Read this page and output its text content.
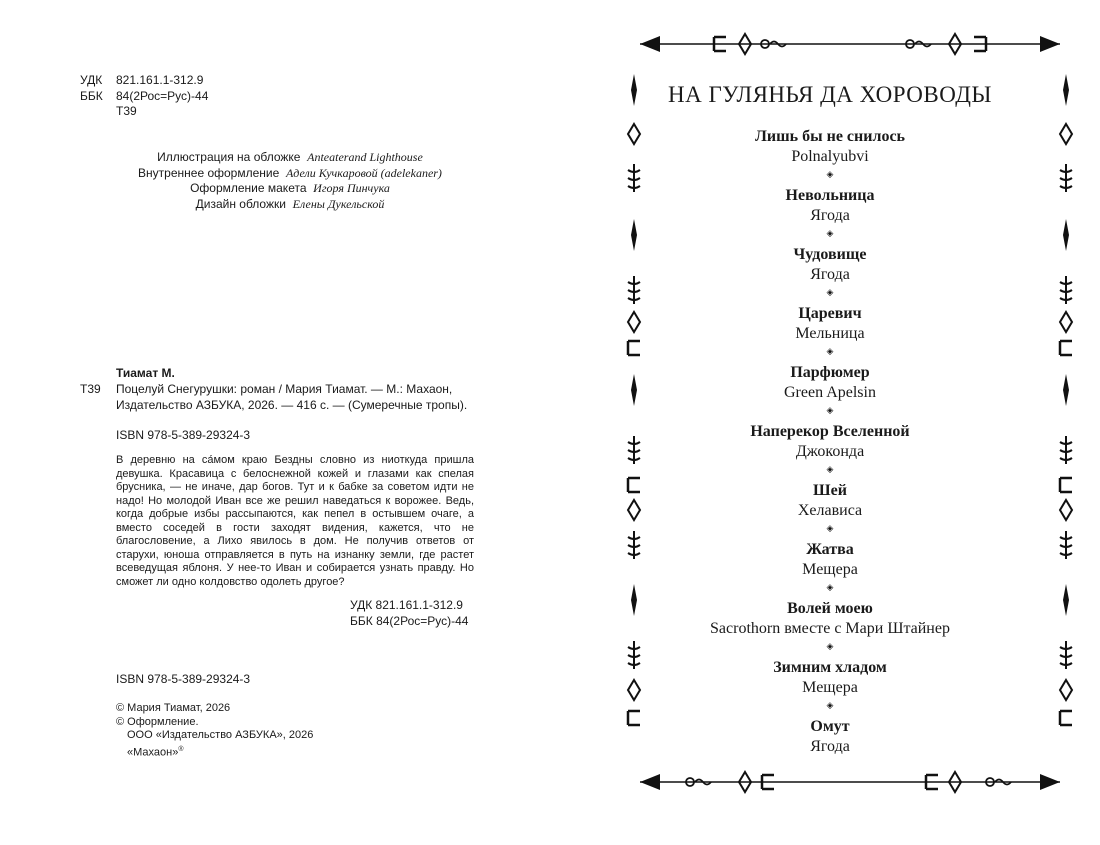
УДК	821.161.1-312.9
ББК	84(2Рос=Рус)-44
Т39
Иллюстрация на обложке Anteaterand Lighthouse
Внутреннее оформление Адели Кучкаровой (adelekaner)
Оформление макета Игоря Пинчука
Дизайн обложки Елены Дукельской
Тиамат М.
Т39 Поцелуй Снегурушки: роман / Мария Тиамат. — М.: Махаон, Издательство АЗБУКА, 2026. — 416 с. — (Сумеречные тропы).
ISBN 978-5-389-29324-3
В деревню на са́мом краю Бездны словно из ниоткуда пришла девушка. Красавица с белоснежной кожей и глазами как спелая брусника, — не иначе, дар богов. Тут и к бабке за советом идти не надо! Но молодой Иван все же решил наведаться к ворожее. Ведь, когда добрые избы рассыпаются, как пепел в остывшем очаге, а вместо соседей в гости заходят видения, кажется, что не благословение, а Лихо явилось в дом. Не получив ответов от старухи, юноша отправляется в путь на изнанку земли, где растет всеведущая яблоня. У нее-то Иван и собирается узнать правду. Но сможет ли одно колдовство одолеть другое?
УДК 821.161.1-312.9
ББК 84(2Рос=Рус)-44
ISBN 978-5-389-29324-3
© Мария Тиамат, 2026
© Оформление.
ООО «Издательство АЗБУКА», 2026
«Махаон»®
НА ГУЛЯНЬЯ ДА ХОРОВОДЫ
Лишь бы не снилось
Polnalyubvi
◈
Невольница
Ягода
◈
Чудовище
Ягода
◈
Царевич
Мельница
◈
Парфюмер
Green Apelsin
◈
Наперекор Вселенной
Джоконда
◈
Шей
Хелависа
◈
Жатва
Мещера
◈
Волей моею
Sacrothorn вместе с Мари Штайнер
◈
Зимним хладом
Мещера
◈
Омут
Ягода
